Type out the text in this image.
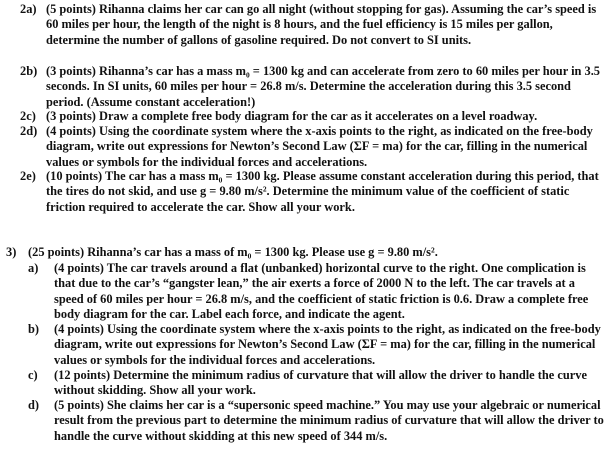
2a) (5 points) Rihanna claims her car can go all night (without stopping for gas). Assuming the car’s speed is 60 miles per hour, the length of the night is 8 hours, and the fuel efficiency is 15 miles per gallon, determine the number of gallons of gasoline required. Do not convert to SI units.
2b) (3 points) Rihanna’s car has a mass m₀ = 1300 kg and can accelerate from zero to 60 miles per hour in 3.5 seconds. In SI units, 60 miles per hour = 26.8 m/s. Determine the acceleration during this 3.5 second period. (Assume constant acceleration!)
2c) (3 points) Draw a complete free body diagram for the car as it accelerates on a level roadway.
2d) (4 points) Using the coordinate system where the x-axis points to the right, as indicated on the free-body diagram, write out expressions for Newton’s Second Law (ΣF = ma) for the car, filling in the numerical values or symbols for the individual forces and accelerations.
2e) (10 points) The car has a mass m₀ = 1300 kg. Please assume constant acceleration during this period, that the tires do not skid, and use g = 9.80 m/s². Determine the minimum value of the coefficient of static friction required to accelerate the car. Show all your work.
3) (25 points) Rihanna’s car has a mass of m₀ = 1300 kg. Please use g = 9.80 m/s².
a) (4 points) The car travels around a flat (unbanked) horizontal curve to the right. One complication is that due to the car’s “gangster lean,” the air exerts a force of 2000 N to the left. The car travels at a speed of 60 miles per hour = 26.8 m/s, and the coefficient of static friction is 0.6. Draw a complete free body diagram for the car. Label each force, and indicate the agent.
b) (4 points) Using the coordinate system where the x-axis points to the right, as indicated on the free-body diagram, write out expressions for Newton’s Second Law (ΣF = ma) for the car, filling in the numerical values or symbols for the individual forces and accelerations.
c)	(12 points) Determine the minimum radius of curvature that will allow the driver to handle the curve without skidding. Show all your work.
d) (5 points) She claims her car is a “supersonic speed machine.” You may use your algebraic or numerical result from the previous part to determine the minimum radius of curvature that will allow the driver to handle the curve without skidding at this new speed of 344 m/s.
